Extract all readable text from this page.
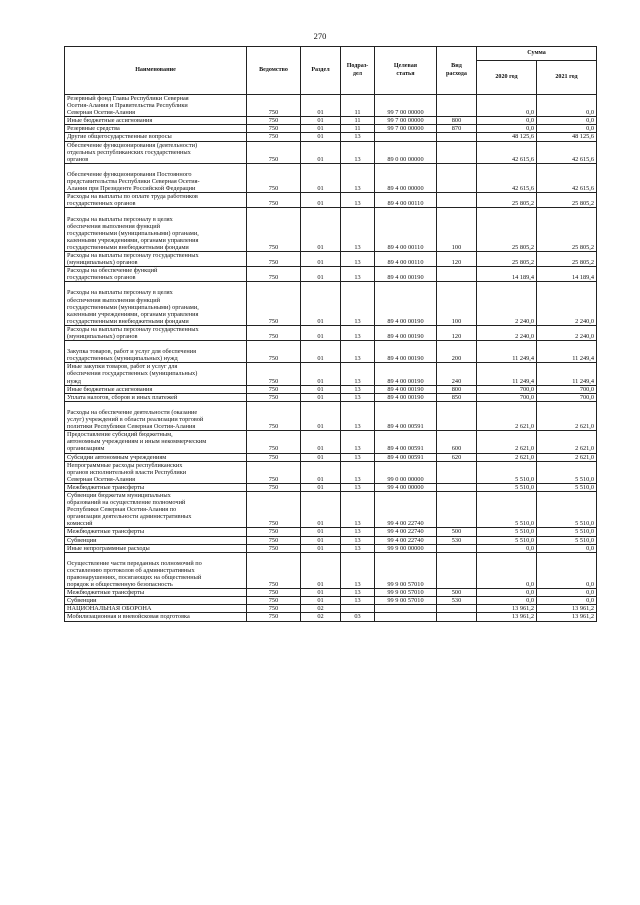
270
Наименование	Ведомство	Раздел	Подраз-
дел	Целевая
статья	Вид
расхода	Сумма	
						2020 год	2021 год
Резервный фонд Главы Республики Северная
Осетия-Алания и Правительства Республики
Северная Осетия-Алания	750	01	11	99 7 00 00000		0,0	0,0
Иные бюджетные ассигнования	750	01	11	99 7 00 00000	800	0,0	0,0
Резервные средства	750	01	11	99 7 00 00000	870	0,0	0,0
Другие общегосударственные вопросы	750	01	13			48 125,6	48 125,6
Обеспечение функционирования (деятельности)
отдельных республиканских государственных
органов	750	01	13	89 0 00 00000		42 615,6	42 615,6

Обеспечение функционирования Постоянного
представительства Республики Северная Осетия-
Алания при Президенте Российской Федерации	750	01	13	89 4 00 00000		42 615,6	42 615,6
Расходы на выплаты по оплате труда работников
государственных органов	750	01	13	89 4 00 00110		25 805,2	25 805,2

Расходы на выплаты персоналу в целях
обеспечения выполнения функций
государственными (муниципальными) органами,
казенными учреждениями, органами управления
государственными внебюджетными фондами	750	01	13	89 4 00 00110	100	25 805,2	25 805,2
Расходы на выплаты персоналу государственных
(муниципальных) органов	750	01	13	89 4 00 00110	120	25 805,2	25 805,2
Расходы на обеспечение функций
государственных органов	750	01	13	89 4 00 00190		14 189,4	14 189,4

Расходы на выплаты персоналу в целях
обеспечения выполнения функций
государственными (муниципальными) органами,
казенными учреждениями, органами управления
государственными внебюджетными фондами	750	01	13	89 4 00 00190	100	2 240,0	2 240,0
Расходы на выплаты персоналу государственных
(муниципальных) органов	750	01	13	89 4 00 00190	120	2 240,0	2 240,0

Закупка товаров, работ и услуг для обеспечения
государственных (муниципальных) нужд	750	01	13	89 4 00 00190	200	11 249,4	11 249,4
Иные закупки товаров, работ и услуг для
обеспечения государственных (муниципальных)
нужд	750	01	13	89 4 00 00190	240	11 249,4	11 249,4
Иные бюджетные ассигнования	750	01	13	89 4 00 00190	800	700,0	700,0
Уплата налогов, сборов и иных платежей	750	01	13	89 4 00 00190	850	700,0	700,0

Расходы на обеспечение деятельности (оказание
услуг) учреждений в области реализации торговой
политики Республики Северная Осетия-Алания	750	01	13	89 4 00 00591		2 621,0	2 621,0
Предоставление субсидий бюджетным,
автономным учреждениям и иным некоммерческим
организациям	750	01	13	89 4 00 00591	600	2 621,0	2 621,0
Субсидии автономным учреждениям	750	01	13	89 4 00 00591	620	2 621,0	2 621,0
Непрограммные расходы республиканских
органов исполнительной власти Республики
Северная Осетия-Алания	750	01	13	99 0 00 00000		5 510,0	5 510,0
Межбюджетные трансферты	750	01	13	99 4 00 00000		5 510,0	5 510,0
Субвенции бюджетам муниципальных
образований на осуществление полномочий
Республики Северная Осетия-Алания по
организации деятельности административных
комиссий	750	01	13	99 4 00 22740		5 510,0	5 510,0
Межбюджетные трансферты	750	01	13	99 4 00 22740	500	5 510,0	5 510,0
Субвенции	750	01	13	99 4 00 22740	530	5 510,0	5 510,0
Иные непрограммные расходы	750	01	13	99 9 00 00000		0,0	0,0

Осуществление части переданных полномочий по
составлению протоколов об административных
правонарушениях, посягающих на общественный
порядок и общественную безопасность	750	01	13	99 9 00 57010		0,0	0,0
Межбюджетные трансферты	750	01	13	99 9 00 57010	500	0,0	0,0
Субвенции	750	01	13	99 9 00 57010	530	0,0	0,0
НАЦИОНАЛЬНАЯ ОБОРОНА	750	02				13 961,2	13 961,2
Мобилизационная и вневойсковая подготовка	750	02	03			13 961,2	13 961,2
